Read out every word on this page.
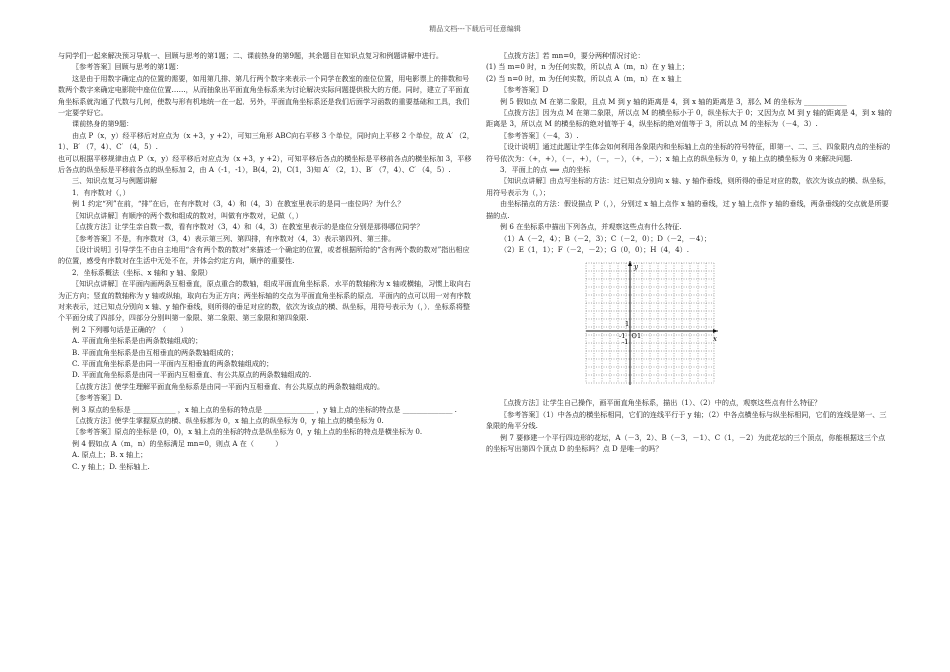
精品文档---下载后可任意编辑

与同学们一起来解决预习导航一、回顾与思考的第1题；二、课前热身的第9题，其余题目在知识点复习和例题讲解中进行。

〖参考答案〗回顾与思考的第1题：

这是由于用数字确定点的位置的需要，如用第几排、第几行两个数字来表示一个同学在教室的座位位置，用电影票上的排数和号数两个数字来确定电影院中座位位置……，从而抽象出平面直角坐标系来为讨论解决实际问题提供极大的方便。同时，建立了平面直角坐标系就沟通了代数与几何，使数与形有机地统一在一起．另外，平面直角坐标系还是我们后面学习函数的重要基础和工具，我们一定要学好它。

课前热身的第9题：

由点 P（x，y）经平移后对应点为（x +3，y +2），可知三角形 ABC向右平移 3 个单位，同时向上平移 2 个单位，故 A′ （2，1）、B′ （7，4）、C′ （4，5）.

也可以根据平移规律由点 P（x，y）经平移后对应点为（x +3，y +2），可知平移后各点的横坐标是平移前各点的横坐标加 3，平移后各点的纵坐标是平移前各点的纵坐标加 2，由 A（-1，-1），B(4，2)，C(1，3)知 A′ （2，1）、B′ （7，4）、C′ （4，5）.

三、知识点复习与例题讲解

1．有序数对（，）

例 1 约定“列”在前，“排”在后，在有序数对（3，4）和（4，3）在教室里表示的是同一座位吗？为什么？

〖知识点讲解〗有顺序的两个数和组成的数对，叫做有序数对，记做（，）

〖点拨方法〗让学生亲自数一数，看有序数对（3，4）和（4，3）在教室里表示的是座位分别是那得哪位同学？

〖参考答案〗不是，有序数对（3，4）表示第三列、第四排，有序数对（4，3）表示第四列、第三排。

〖设计说明〗引导学生不由自主地用“含有两个数的数对”来描述一个确定的位置，或者根据所给的“含有两个数的数对”指出相应的位置，感受有序数对在生活中无处不在，并体会约定方向，顺序的重要性.

2．坐标系概法（坐标、x 轴和 y 轴、象限）

〖知识点讲解〗在平面内画两条互相垂直，原点重合的数轴，组成平面直角坐标系．水平的数轴称为 x 轴或横轴，习惯上取向右为正方向；竖直的数轴称为 y 轴或纵轴，取向右为正方向；两坐标轴的交点为平面直角坐标系的原点．平面内的点可以用一对有序数对来表示，过已知点分别向 x 轴、y 轴作垂线，则所得的垂足对应的数，依次为该点的横、纵坐标，用符号表示为（，）．坐标系将整个平面分成了四部分，四部分分别叫第一象限、第二象限、第三象限和第四象限.

例 2 下列哪句话是正确的？（　　）

A. 平面直角坐标系是由两条数轴组成的；

B. 平面直角坐标系是由互相垂直的两条数轴组成的；

C. 平面直角坐标系是由同一平面内互相垂直的两条数轴组成的；

D. 平面直角坐标系是由同一平面内互相垂直、有公共原点的两条数轴组成的.

〖点拨方法〗使学生理解平面直角坐标系是由同一平面内互相垂直、有公共原点的两条数轴组成的。

〖参考答案〗D.

例 3 原点的坐标是 ____________ ，x 轴上点的坐标的特点是 ______________ ，y 轴上点的坐标的特点是 ______________ .

〖点拨方法〗使学生掌握原点的横、纵坐标都为 0，x 轴上点的纵坐标为 0，y 轴上点的横坐标为 0.

〖参考答案〗原点的坐标是 (0，0)，x 轴上点的坐标的特点是纵坐标为 0，y 轴上点的坐标的特点是横坐标为 0.

例 4 假如点 A（m，n）的坐标满足 mn=0，则点 A 在（　　　）

A. 原点上；B. x 轴上；

C. y 轴上；D. 坐标轴上.

〖点拨方法〗若 mn=0，要分两种情况讨论：

(1) 当 m=0 时，n 为任何实数，所以点 A（m，n）在 y 轴上；

(2) 当 n=0 时，m 为任何实数，所以点 A（m，n）在 x 轴上

〖参考答案〗D

例 5 假如点 M 在第二象限，且点 M 到 y 轴的距离是 4，到 x 轴的距离是 3，那么 M 的坐标为 ____________

〖点拨方法〗因为点 M 在第二象限，所以点 M 的横坐标小于 0，纵坐标大于 0；又因为点 M 到 y 轴的距离是 4，到 x 轴的距离是 3，所以点 M 的横坐标的绝对值等于 4，纵坐标的绝对值等于 3，所以点 M 的坐标为（－4，3）.

〖参考答案〗（－4，3）.

〖设计说明〗通过此题让学生体会如何利用各象限内和坐标轴上点的坐标的符号特征，即第一、二、三、四象限内点的坐标的符号依次为：（+，+），（－，+），（－，－），（+，－）；x 轴上点的纵坐标为 0，y 轴上点的横坐标为 0 来解决问题.

3．平面上的点 ⟺ 点的坐标

〖知识点讲解〗由点写坐标的方法：过已知点分别向 x 轴、y 轴作垂线，则所得的垂足对应的数，依次为该点的横、纵坐标，用符号表示为（，）；

由坐标描点的方法：假设描点 P（，），分别过 x 轴上点作 x 轴的垂线，过 y 轴上点作 y 轴的垂线，两条垂线的交点就是所要描的点.

例 6 在坐标系中描出下列各点，并观察这些点有什么特征.

（1）A（－2，4）；B（－2，3）；C（－2，0）；D（－2，－4）；

（2）E（1，1）；F（－2，－2）；G（0，0）；H（4，4）.

x
y
O 1
-1
1
-1

〖点拨方法〗让学生自己操作，画平面直角坐标系，描出（1）、（2）中的点，观察这些点有什么特征？

〖参考答案〗（1）中各点的横坐标相同，它们的连线平行于 y 轴；（2）中各点横坐标与纵坐标相同，它们的连线是第一、三象限的角平分线.

例 7 要修建一个平行四边形的花坛，A（－3，2）、B（－3，－1）、C（1，－2）为此花坛的三个顶点，你能根据这三个点的坐标写出第四个顶点 D 的坐标吗？点 D 是唯一的吗？
